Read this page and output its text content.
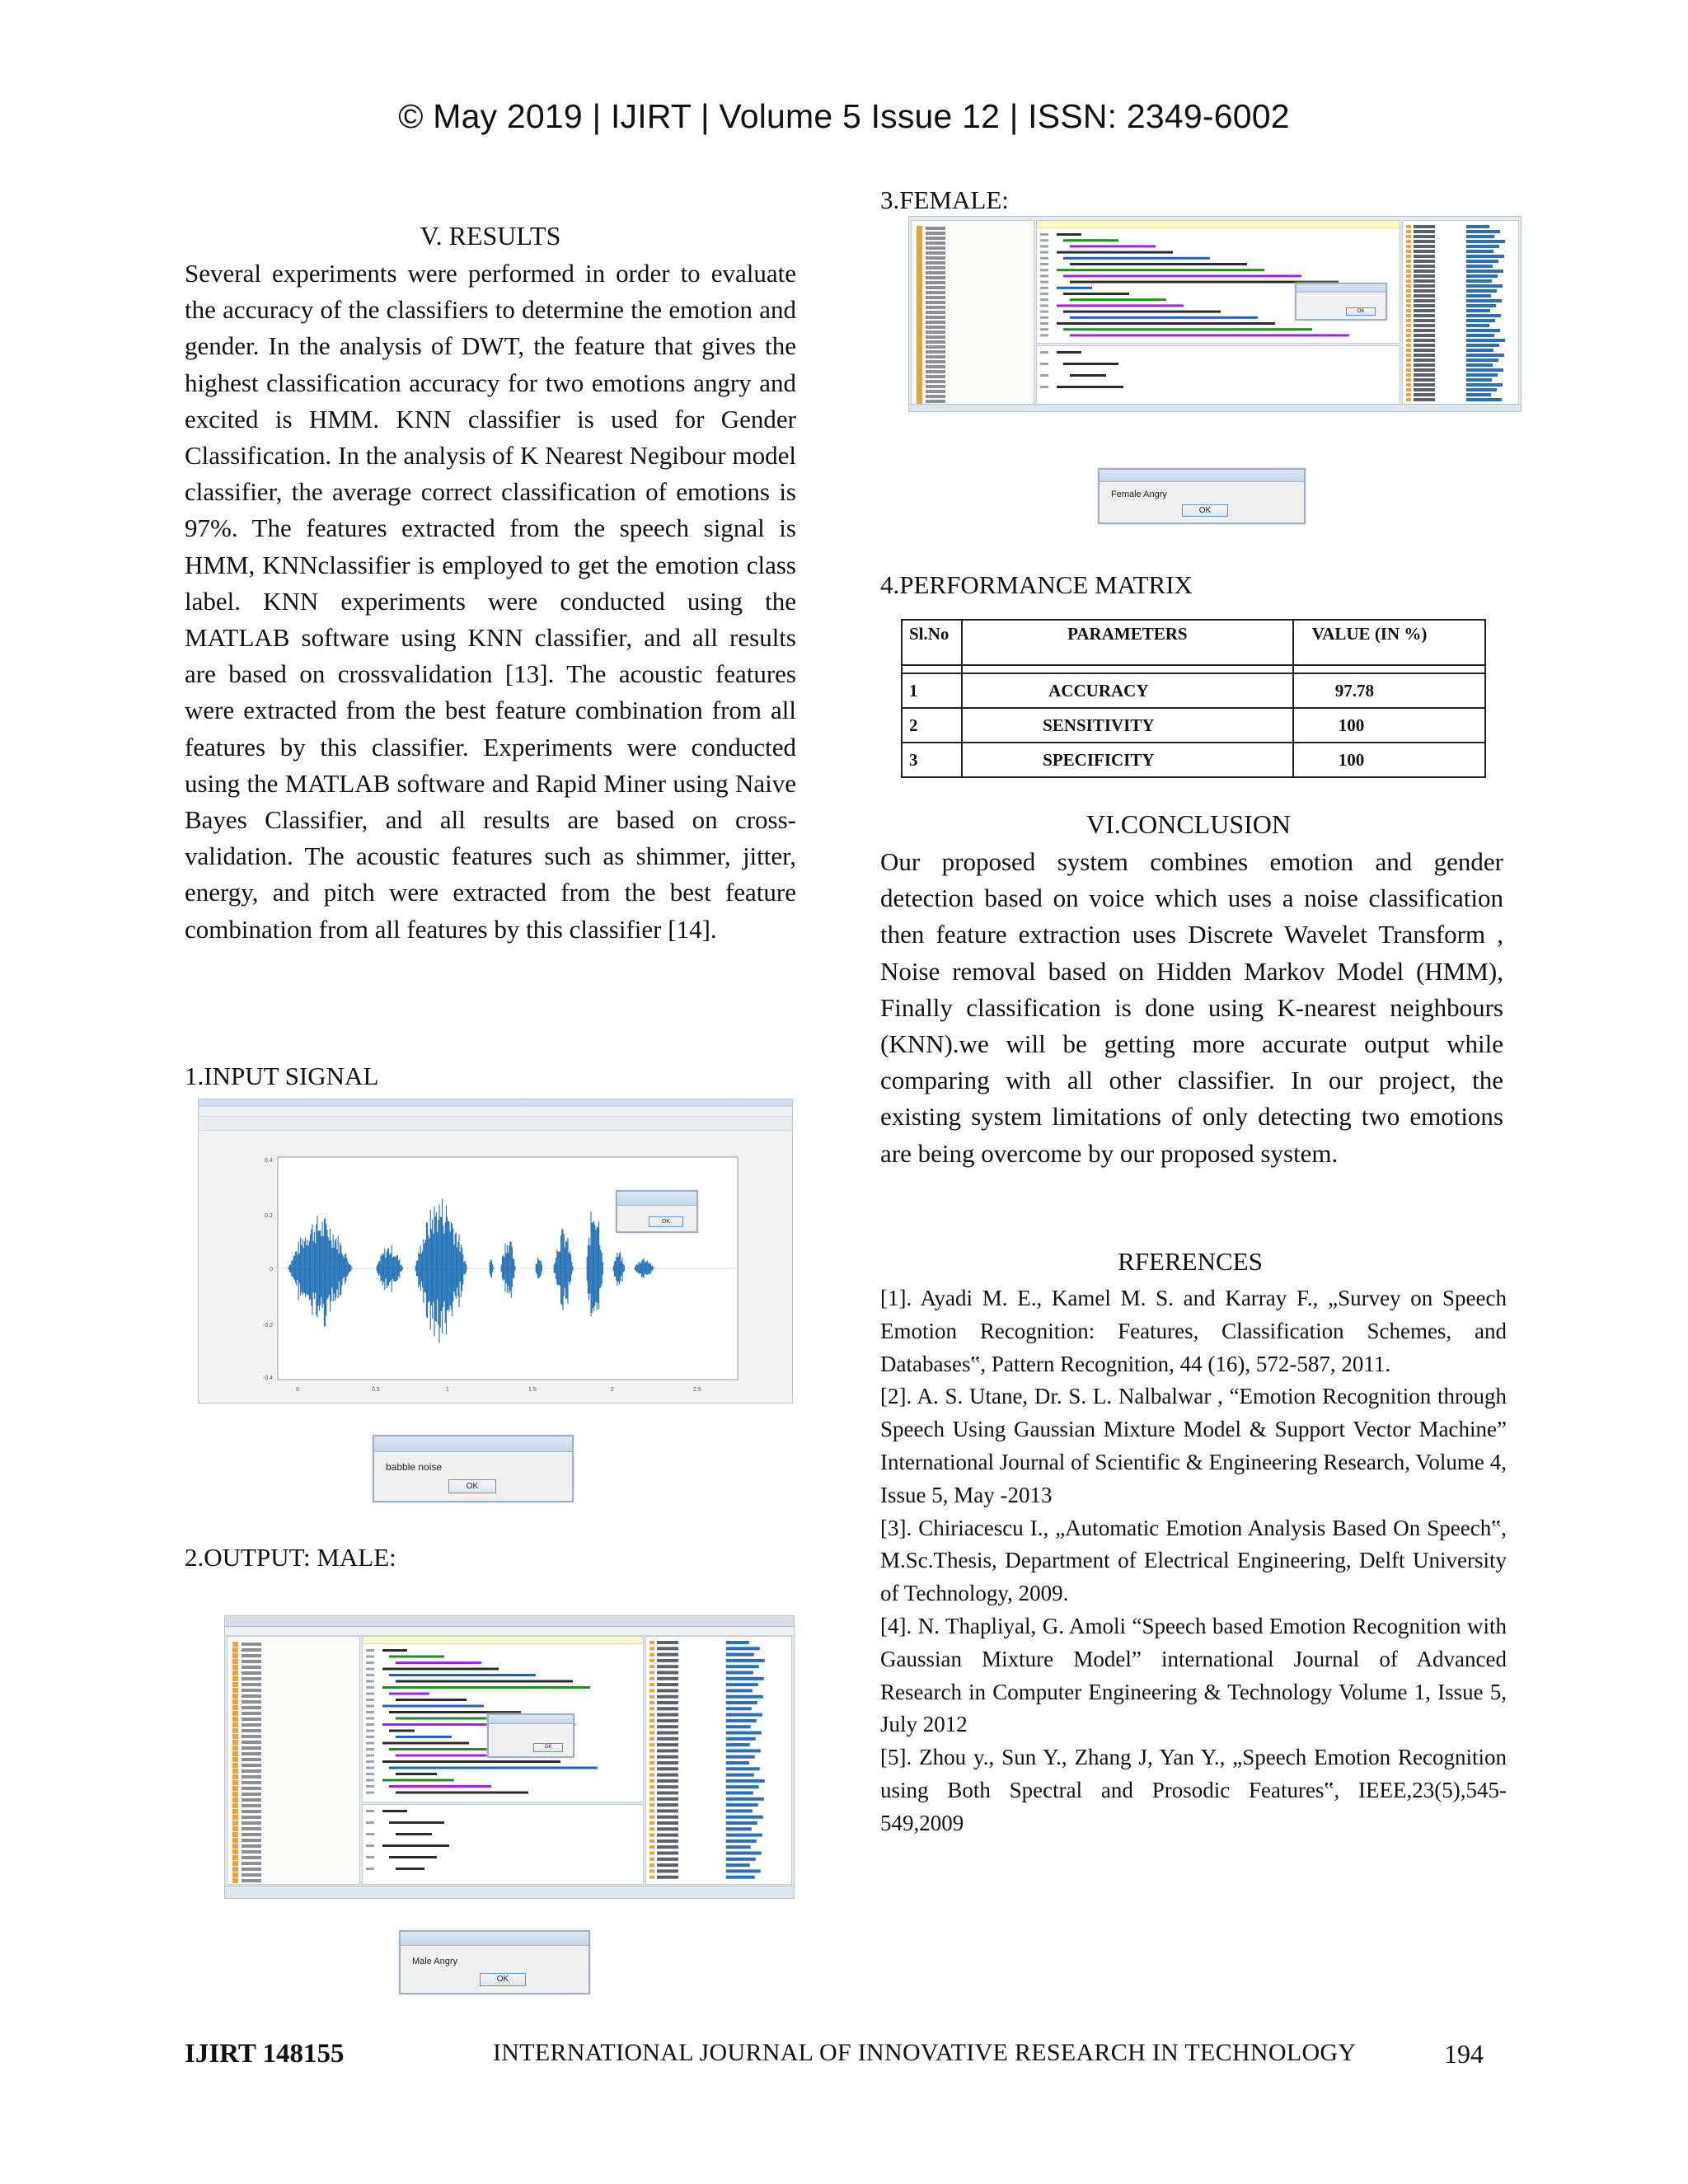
© May 2019 | IJIRT | Volume 5 Issue 12 | ISSN: 2349-6002
V. RESULTS
Several experiments were performed in order to evaluate the accuracy of the classifiers to determine the emotion and gender. In the analysis of DWT, the feature that gives the highest classification accuracy for two emotions angry and excited is HMM. KNN classifier is used for Gender Classification. In the analysis of K Nearest Negibour model classifier, the average correct classification of emotions is 97%. The features extracted from the speech signal is HMM, KNNclassifier is employed to get the emotion class label. KNN experiments were conducted using the MATLAB software using KNN classifier, and all results are based on crossvalidation [13]. The acoustic features were extracted from the best feature combination from all features by this classifier. Experiments were conducted using the MATLAB software and Rapid Miner using Naive Bayes Classifier, and all results are based on cross-validation. The acoustic features such as shimmer, jitter, energy, and pitch were extracted from the best feature combination from all features by this classifier [14].
1.INPUT SIGNAL
0.4
0.2
0
-0.2
-0.4
0	0.5	1	1.5	2	2.5
OK
babble noise
OK
2.OUTPUT: MALE:
OK
Male Angry
OK
3.FEMALE:
OK
Female Angry
OK
4.PERFORMANCE MATRIX
Sl.No	PARAMETERS	VALUE (IN %)

1	ACCURACY	97.78
2	SENSITIVITY	100
3	SPECIFICITY	100
VI.CONCLUSION
Our proposed system combines emotion and gender detection based on voice which uses a noise classification then feature extraction uses Discrete Wavelet Transform , Noise removal based on Hidden Markov Model (HMM), Finally classification is done using K-nearest neighbours (KNN).we will be getting more accurate output while comparing with all other classifier. In our project, the existing system limitations of only detecting two emotions are being overcome by our proposed system.
RFERENCES

[1]. Ayadi M. E., Kamel M. S. and Karray F., „Survey on Speech Emotion Recognition: Features, Classification Schemes, and Databases‟, Pattern Recognition, 44 (16), 572-587, 2011.

[2]. A. S. Utane, Dr. S. L. Nalbalwar , “Emotion Recognition through Speech Using Gaussian Mixture Model & Support Vector Machine” International Journal of Scientific & Engineering Research, Volume 4, Issue 5, May -2013

[3]. Chiriacescu I., „Automatic Emotion Analysis Based On Speech‟, M.Sc.Thesis, Department of Electrical Engineering, Delft University of Technology, 2009.

[4]. N. Thapliyal, G. Amoli “Speech based Emotion Recognition with Gaussian Mixture Model” international Journal of Advanced Research in Computer Engineering & Technology Volume 1, Issue 5, July 2012

[5]. Zhou y., Sun Y., Zhang J, Yan Y., „Speech Emotion Recognition using Both Spectral and Prosodic Features‟, IEEE,23(5),545-549,2009

IJIRT 148155	INTERNATIONAL JOURNAL OF INNOVATIVE RESEARCH IN TECHNOLOGY	194
